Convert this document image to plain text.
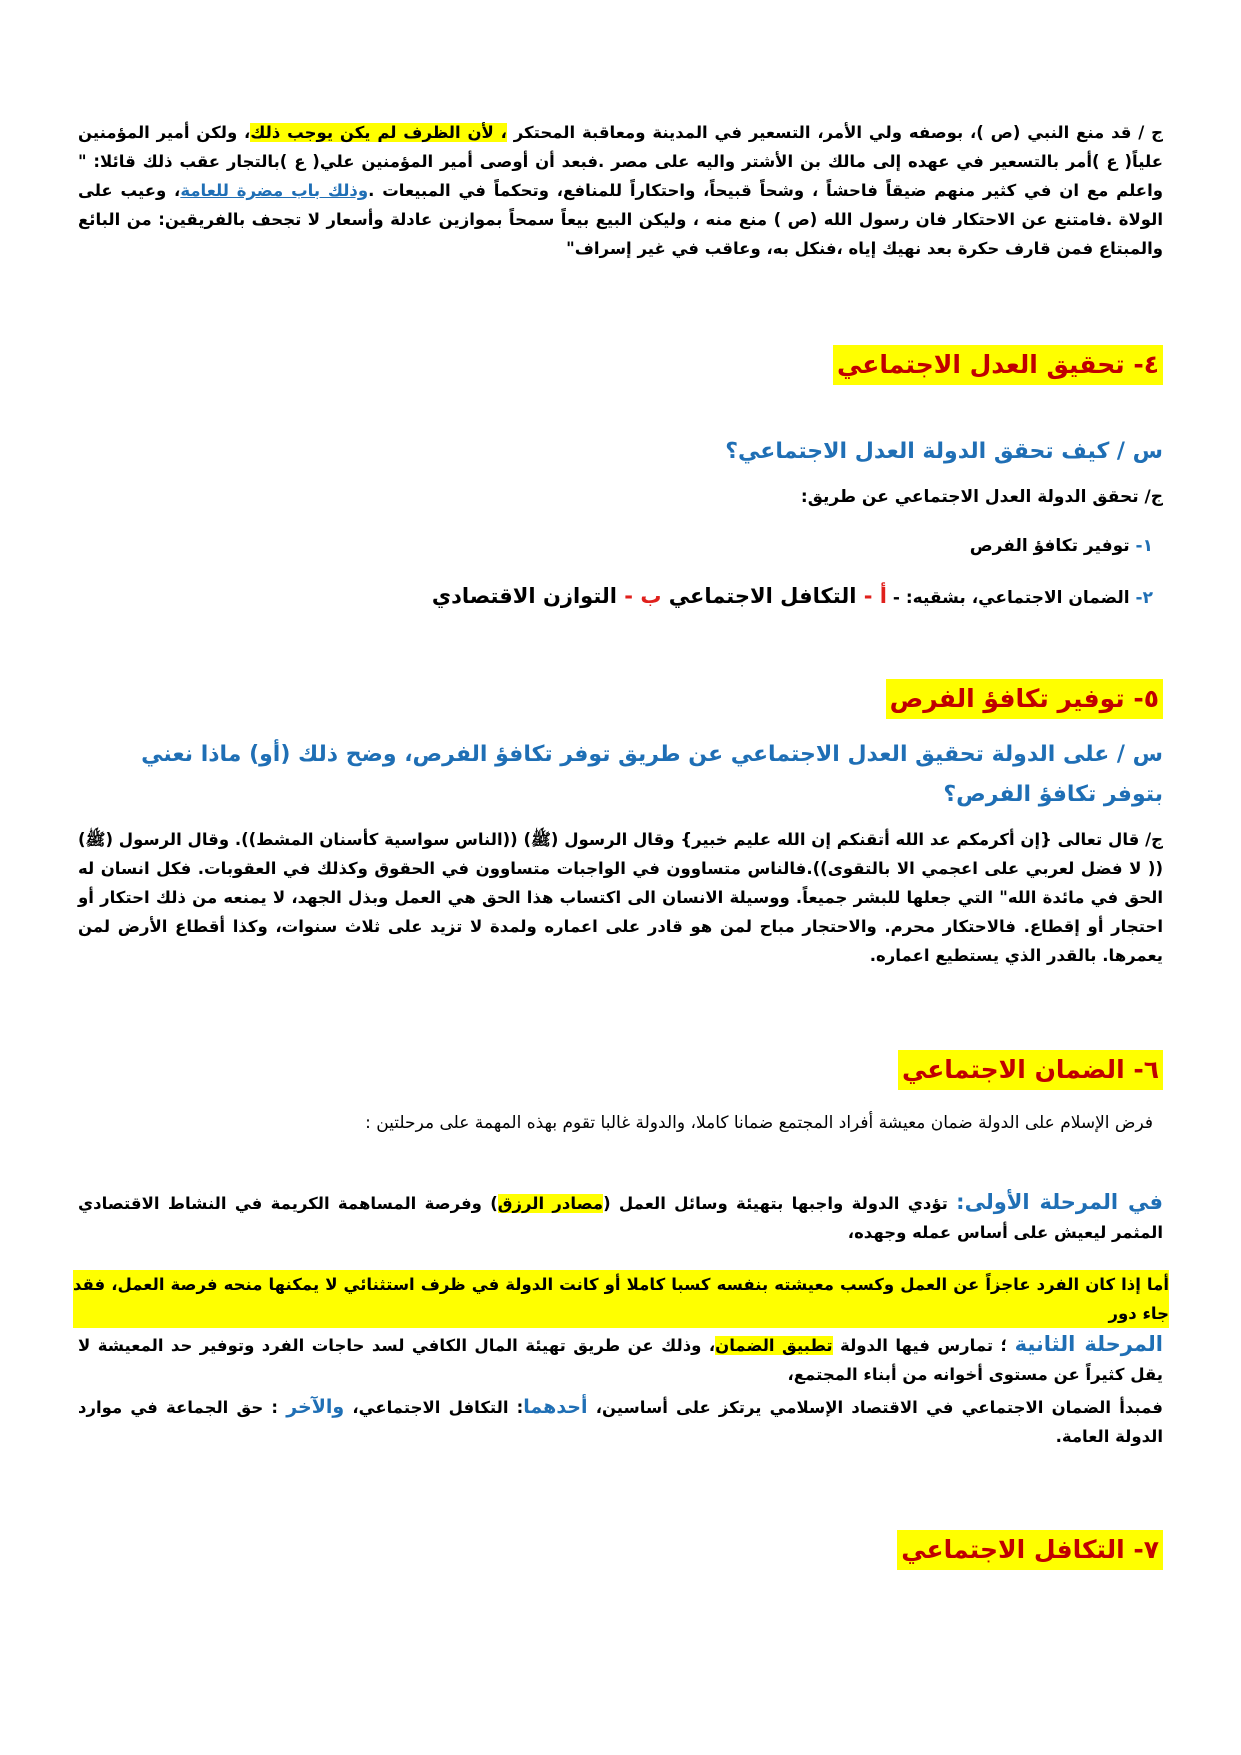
ج / قد منع النبي (ص )، بوصفه ولي الأمر، التسعير في المدينة ومعاقبة المحتكر ، لأن الظرف لم يكن يوجب ذلك، ولكن أمير المؤمنين علياً( ع )أمر بالتسعير في عهده إلى مالك بن الأشتر واليه على مصر .فبعد أن أوصى أمير المؤمنين علي( ع )بالتجار عقب ذلك قائلا: " واعلم مع ان في كثير منهم ضيقاً فاحشاً ، وشحاً قبيحاً، واحتكاراً للمنافع، وتحكماً في المبيعات .وذلك باب مضرة للعامة، وعيب على الولاة .فامتنع عن الاحتكار فان رسول الله (ص ) منع منه ، وليكن البيع بيعاً سمحاً بموازين عادلة وأسعار لا تجحف بالفريقين: من البائع والمبتاع فمن قارف حكرة بعد نهيك إياه ،فنكل به، وعاقب في غير إسراف"
٤- تحقيق العدل الاجتماعي
س / كيف تحقق الدولة العدل الاجتماعي؟
ج/ تحقق الدولة العدل الاجتماعي عن طريق:
١- توفير تكافؤ الفرص
٢- الضمان الاجتماعي، بشقيه: - أ - التكافل الاجتماعي ب - التوازن الاقتصادي
٥- توفير تكافؤ الفرص
س / على الدولة تحقيق العدل الاجتماعي عن طريق توفر تكافؤ الفرص، وضح ذلك (أو) ماذا نعني بتوفر تكافؤ الفرص؟
ج/ قال تعالى {إن أكرمكم عد الله أتقنكم إن الله عليم خبير} وقال الرسول (ﷺ) ((الناس سواسية كأسنان المشط)). وقال الرسول (ﷺ) (( لا فضل لعربي على اعجمي الا بالتقوى)).فالناس متساوون في الواجبات متساوون في الحقوق وكذلك في العقوبات. فكل انسان له الحق في مائدة الله" التي جعلها للبشر جميعاً. ووسيلة الانسان الى اكتساب هذا الحق هي العمل وبذل الجهد، لا يمنعه من ذلك احتكار أو احتجار أو إقطاع. فالاحتكار محرم. والاحتجار مباح لمن هو قادر على اعماره ولمدة لا تزيد على ثلاث سنوات، وكذا أقطاع الأرض لمن يعمرها. بالقدر الذي يستطيع اعماره.
٦- الضمان الاجتماعي
فرض الإسلام على الدولة ضمان معيشة أفراد المجتمع ضمانا كاملا، والدولة غالبا تقوم بهذه المهمة على مرحلتين :
في المرحلة الأولى: تؤدي الدولة واجبها بتهيئة وسائل العمل (مصادر الرزق) وفرصة المساهمة الكريمة في النشاط الاقتصادي المثمر ليعيش على أساس عمله وجهده،
أما إذا كان الفرد عاجزاً عن العمل وكسب معيشته بنفسه كسبا كاملا أو كانت الدولة في ظرف استثنائي لا يمكنها منحه فرصة العمل، فقد جاء دور
المرحلة الثانية ؛ تمارس فيها الدولة تطبيق الضمان، وذلك عن طريق تهيئة المال الكافي لسد حاجات الفرد وتوفير حد المعيشة لا يقل كثيراً عن مستوى أخوانه من أبناء المجتمع،
فمبدأ الضمان الاجتماعي في الاقتصاد الإسلامي يرتكز على أساسين، أحدهما: التكافل الاجتماعي، والآخر : حق الجماعة في موارد الدولة العامة.
٧- التكافل الاجتماعي
